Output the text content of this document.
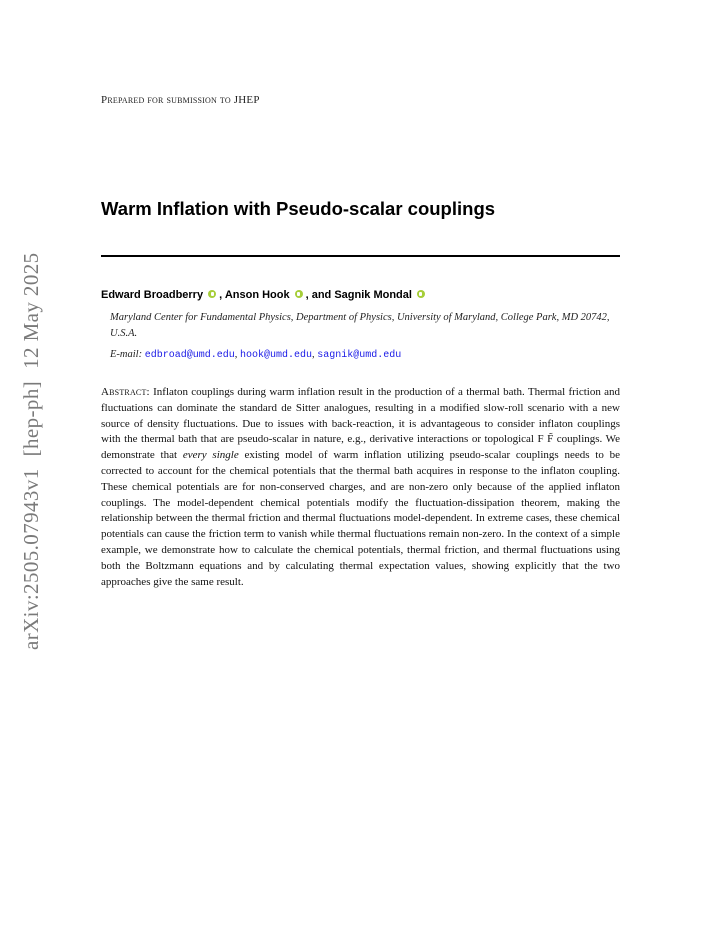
arXiv:2505.07943v1[hep-ph]12 May 2025
Prepared for submission to JHEP
Warm Inflation with Pseudo-scalar couplings
Edward Broadberry , Anson Hook , and Sagnik Mondal
Maryland Center for Fundamental Physics, Department of Physics, University of Maryland, College Park, MD 20742, U.S.A.
E-mail: edbroad@umd.edu, hook@umd.edu, sagnik@umd.edu
Abstract: Inflaton couplings during warm inflation result in the production of a thermal bath. Thermal friction and fluctuations can dominate the standard de Sitter analogues, resulting in a modified slow-roll scenario with a new source of density fluctuations. Due to issues with back-reaction, it is advantageous to consider inflaton couplings with the thermal bath that are pseudo-scalar in nature, e.g., derivative interactions or topological F F̃ couplings. We demonstrate that every single existing model of warm inflation utilizing pseudo-scalar couplings needs to be corrected to account for the chemical potentials that the thermal bath acquires in response to the inflaton coupling. These chemical potentials are for non-conserved charges, and are non-zero only because of the applied inflaton couplings. The model-dependent chemical potentials modify the fluctuation-dissipation theorem, making the relationship between the thermal friction and thermal fluctuations model-dependent. In extreme cases, these chemical potentials can cause the friction term to vanish while thermal fluctuations remain non-zero. In the context of a simple example, we demonstrate how to calculate the chemical potentials, thermal friction, and thermal fluctuations using both the Boltzmann equations and by calculating thermal expectation values, showing explicitly that the two approaches give the same result.
